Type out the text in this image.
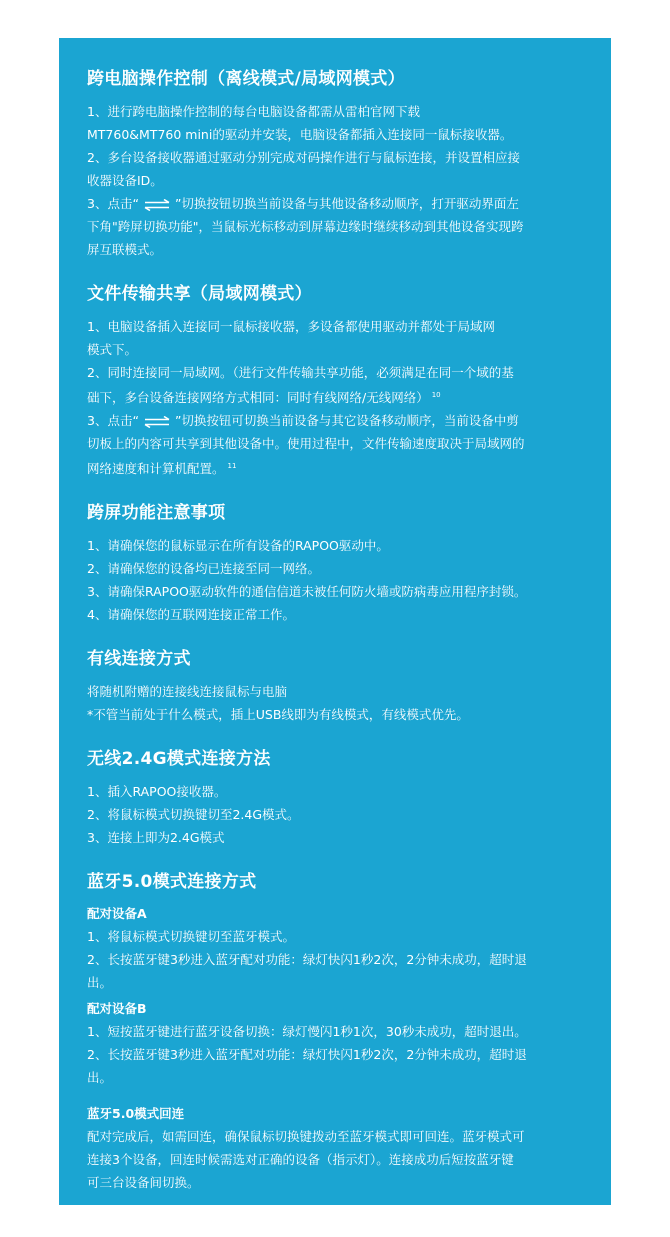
跨电脑操作控制（离线模式/局域网模式）

1、进行跨电脑操作控制的每台电脑设备都需从雷柏官网下载

MT760&MT760 mini的驱动并安装，电脑设备都插入连接同一鼠标接收器。

2、多台设备接收器通过驱动分别完成对码操作进行与鼠标连接，并设置相应接

收器设备ID。

3、点击“	”切换按钮切换当前设备与其他设备移动顺序，打开驱动界面左

下角"跨屏切换功能"，当鼠标光标移动到屏幕边缘时继续移动到其他设备实现跨

屏互联模式。

文件传输共享（局域网模式）

1、电脑设备插入连接同一鼠标接收器，多设备都使用驱动并都处于局域网

模式下。

2、同时连接同一局域网。（进行文件传输共享功能，必须满足在同一个域的基

础下，多台设备连接网络方式相同：同时有线网络/无线网络） $^{10}$

3、点击“	”切换按钮可切换当前设备与其它设备移动顺序，当前设备中剪

切板上的内容可共享到其他设备中。使用过程中，文件传输速度取决于局域网的

网络速度和计算机配置。 $^{11}$

跨屏功能注意事项

1、请确保您的鼠标显示在所有设备的RAPOO驱动中。

2、请确保您的设备均已连接至同一网络。

3、请确保RAPOO驱动软件的通信信道未被任何防火墙或防病毒应用程序封锁。

4、请确保您的互联网连接正常工作。

有线连接方式

将随机附赠的连接线连接鼠标与电脑

*不管当前处于什么模式，插上USB线即为有线模式，有线模式优先。

无线2.4G模式连接方法

1、插入RAPOO接收器。

2、将鼠标模式切换键切至2.4G模式。

3、连接上即为2.4G模式

蓝牙5.0模式连接方式

配对设备A

1、将鼠标模式切换键切至蓝牙模式。

2、长按蓝牙键3秒进入蓝牙配对功能：绿灯快闪1秒2次，2分钟未成功，超时退

出。

配对设备B

1、短按蓝牙键进行蓝牙设备切换：绿灯慢闪1秒1次，30秒未成功，超时退出。

2、长按蓝牙键3秒进入蓝牙配对功能：绿灯快闪1秒2次，2分钟未成功，超时退

出。

蓝牙5.0模式回连

配对完成后，如需回连，确保鼠标切换键拨动至蓝牙模式即可回连。蓝牙模式可

连接3个设备，回连时候需选对正确的设备（指示灯）。连接成功后短按蓝牙键

可三台设备间切换。
